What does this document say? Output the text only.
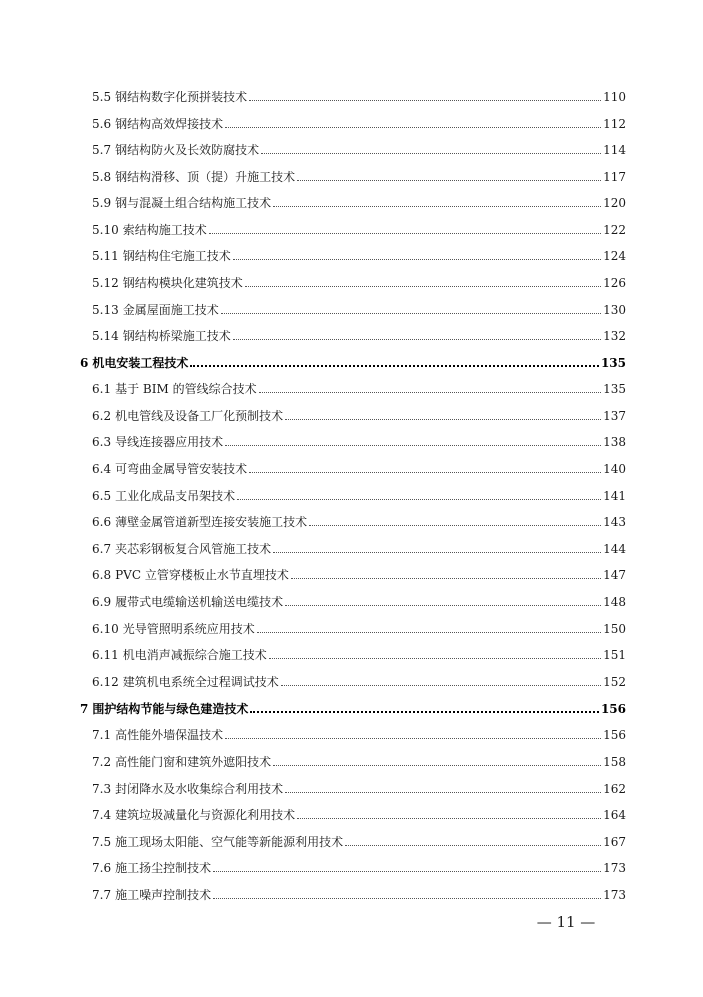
5.5 钢结构数字化预拼装技术	110
5.6 钢结构高效焊接技术	112
5.7 钢结构防火及长效防腐技术	114
5.8 钢结构滑移、顶（提）升施工技术	117
5.9 钢与混凝土组合结构施工技术	120
5.10 索结构施工技术	122
5.11 钢结构住宅施工技术	124
5.12 钢结构模块化建筑技术	126
5.13 金属屋面施工技术	130
5.14 钢结构桥梁施工技术	132
6 机电安装工程技术	135
6.1 基于 BIM 的管线综合技术	135
6.2 机电管线及设备工厂化预制技术	137
6.3 导线连接器应用技术	138
6.4 可弯曲金属导管安装技术	140
6.5 工业化成品支吊架技术	141
6.6 薄壁金属管道新型连接安装施工技术	143
6.7 夹芯彩钢板复合风管施工技术	144
6.8 PVC 立管穿楼板止水节直埋技术	147
6.9 履带式电缆输送机输送电缆技术	148
6.10 光导管照明系统应用技术	150
6.11 机电消声减振综合施工技术	151
6.12 建筑机电系统全过程调试技术	152
7 围护结构节能与绿色建造技术	156
7.1 高性能外墙保温技术	156
7.2 高性能门窗和建筑外遮阳技术	158
7.3 封闭降水及水收集综合利用技术	162
7.4 建筑垃圾减量化与资源化利用技术	164
7.5 施工现场太阳能、空气能等新能源利用技术	167
7.6 施工扬尘控制技术	173
7.7 施工噪声控制技术	173
— 11 —
